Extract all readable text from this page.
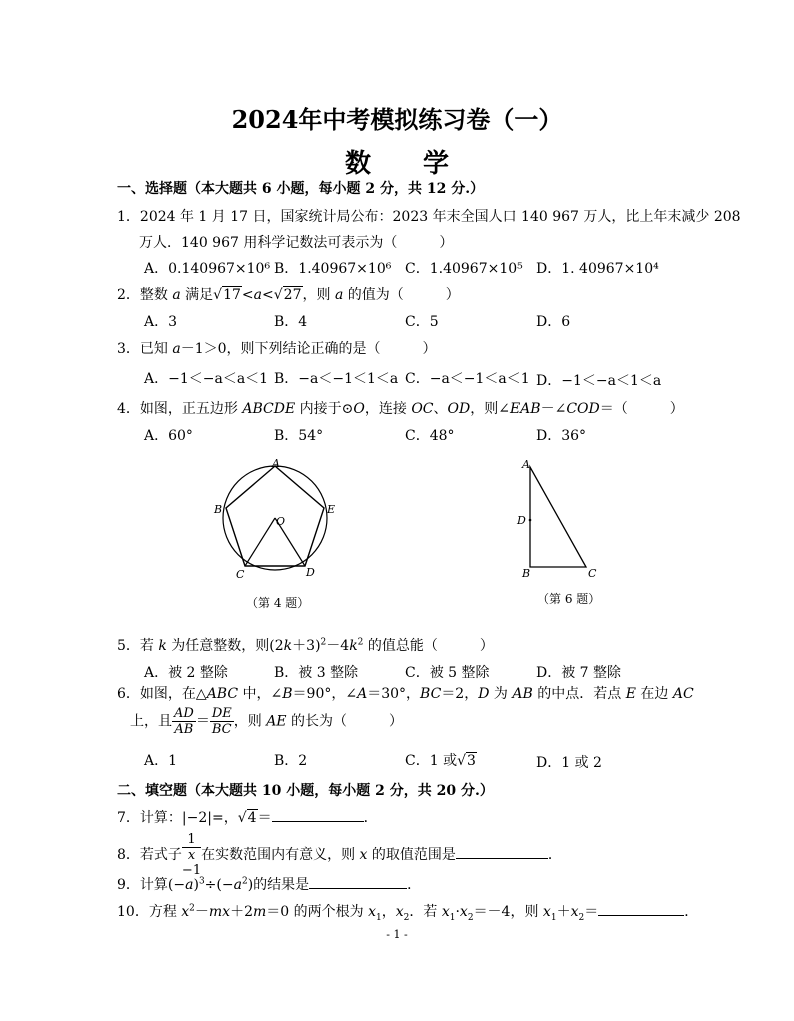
2024年中考模拟练习卷（一）
数　　学
一、选择题（本大题共 6 小题，每小题 2 分，共 12 分.）
1．2024 年 1 月 17 日，国家统计局公布：2023 年末全国人口 140 967 万人，比上年末减少 208
万人．140 967 用科学记数法可表示为（　　　）
A．0.140967×10⁶ B．1.40967×10⁶ C．1.40967×10⁵ D．1. 40967×10⁴
2．整数 a 满足√17<a<√27，则 a 的值为（　　　）
A．3	B．4	C．5	D．6
3．已知 a－1＞0，则下列结论正确的是（　　　）
A．−1＜−a＜a＜1 B．−a＜−1＜1＜a C．−a＜−1＜a＜1 D．−1＜−a＜1＜a
4．如图，正五边形 ABCDE 内接于⊙O，连接 OC、OD，则∠EAB－∠COD＝（　　　）
A．60°	B．54°	C．48°	D．36°
A
B	E
O
C	D
（第 4 题）
A
D
B	C
（第 6 题）
5．若 k 为任意整数，则$(2k+3)^2-4k^2$ 的值总能（　　　）
A．被 2 整除	B．被 3 整除	C．被 5 整除	D．被 7 整除
6．如图，在△ABC 中，∠B＝90°，∠A＝30°，BC＝2，D 为 AB 的中点．若点 E 在边 AC
上，且 $\frac{AD}{AB} = \frac{DE}{BC}$ ，则 AE 的长为（　　　）
A．1	B．2	C．1 或√3	D．1 或 2
二、填空题（本大题共 10 小题，每小题 2 分，共 20 分.）
7．计算：|−2|=，√4＝	．
8．若式子 1
x
−1 在实数范围内有意义，则 x 的取值范围是	．
9．计算$(-a)^3\div(-a^2)$的结果是	．
10．方程 $x^2-mx+2m=0$ 的两个根为 $x_1$，$x_2$．若 $x_1\cdot x_2=-4$，则 $x_1+x_2=$	．
- 1 -
